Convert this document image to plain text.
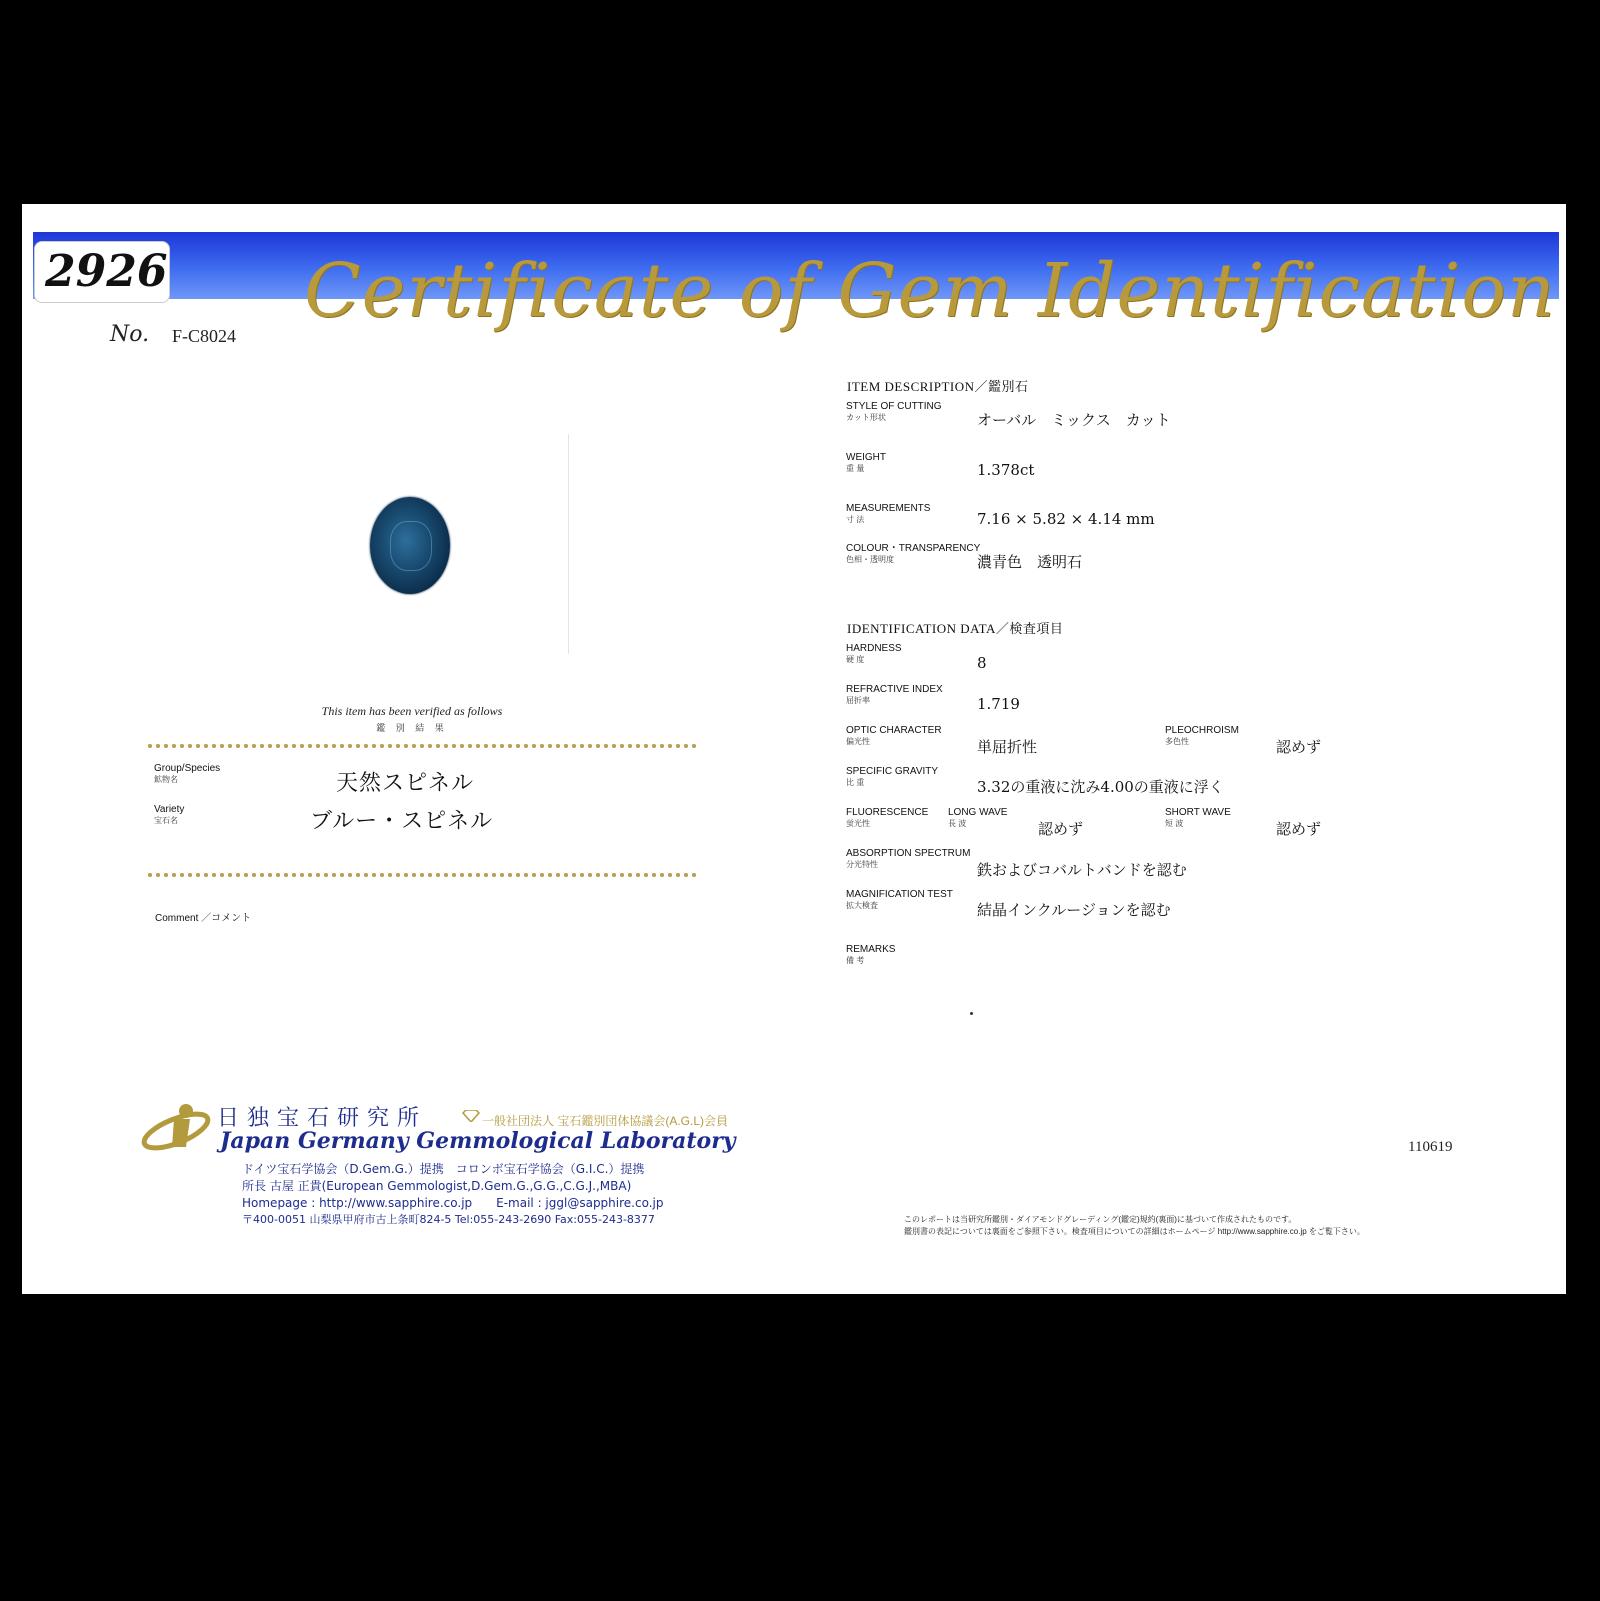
Certificate of Gem Identification
2926
No. F-C8024
This item has been verified as follows
鑑 別 結 果
Group/Species
鉱物名	天然スピネル
Variety
宝石名	ブルー・スピネル
Comment ／コメント
ITEM DESCRIPTION／鑑別石
STYLE OF CUTTING
カット形状	オーバル　ミックス　カット
WEIGHT
重 量	1.378ct
MEASUREMENTS
寸 法	7.16 × 5.82 × 4.14 mm
COLOUR・TRANSPARENCY
色相・透明度	濃青色　透明石
IDENTIFICATION DATA／検査項目
HARDNESS
硬 度	8
REFRACTIVE INDEX
屈折率	1.719
OPTIC CHARACTER
偏光性	単屈折性
PLEOCHROISM
多色性	認めず
SPECIFIC GRAVITY
比 重	3.32の重液に沈み4.00の重液に浮く
FLUORESCENCE
蛍光性
LONG WAVE
長 波	認めず
SHORT WAVE
短 波	認めず
ABSORPTION SPECTRUM
分光特性	鉄およびコバルトバンドを認む
MAGNIFICATION TEST
拡大検査	結晶インクルージョンを認む
REMARKS
備 考
日独宝石研究所	一般社団法人 宝石鑑別団体協議会(A.G.L)会員
Japan Germany Gemmological Laboratory
ドイツ宝石学協会（D.Gem.G.）提携　コロンボ宝石学協会（G.I.C.）提携
所長 古屋 正貴(European Gemmologist,D.Gem.G.,G.G.,C.G.J.,MBA)
Homepage : http://www.sapphire.co.jp　　E-mail : jggl@sapphire.co.jp
〒400-0051 山梨県甲府市古上条町824-5 Tel:055-243-2690 Fax:055-243-8377
110619
このレポートは当研究所鑑別・ダイアモンドグレーディング(鑑定)規約(裏面)に基づいて作成されたものです。
鑑別書の表記については裏面をご参照下さい。検査項目についての詳細はホームページ http://www.sapphire.co.jp をご覧下さい。
